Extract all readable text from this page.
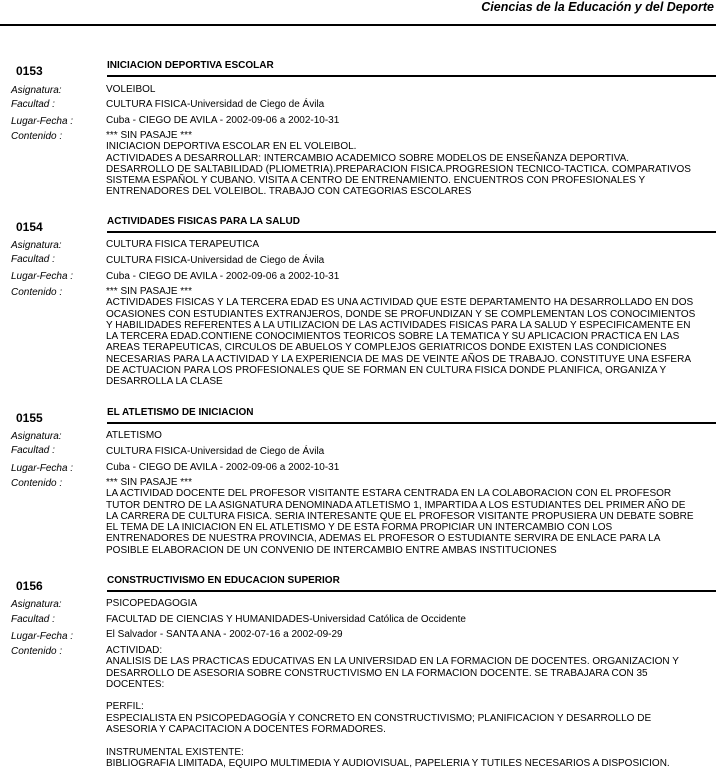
Ciencias de la Educación y del Deporte
0153	INICIACION DEPORTIVA ESCOLAR
Asignatura:	VOLEIBOL
Facultad :	CULTURA FISICA-Universidad de Ciego de Ávila
Lugar-Fecha :	Cuba - CIEGO DE AVILA - 2002-09-06 a 2002-10-31
Contenido :	*** SIN PASAJE ***
INICIACION DEPORTIVA ESCOLAR EN EL VOLEIBOL.
ACTIVIDADES A DESARROLLAR: INTERCAMBIO ACADEMICO SOBRE MODELOS DE ENSEÑANZA DEPORTIVA.
DESARROLLO DE SALTABILIDAD (PLIOMETRIA).PREPARACION FISICA.PROGRESION TECNICO-TACTICA. COMPARATIVOS
SISTEMA ESPAÑOL Y CUBANO. VISITA A CENTRO DE ENTRENAMIENTO. ENCUENTROS CON PROFESIONALES Y
ENTRENADORES DEL VOLEIBOL. TRABAJO CON CATEGORIAS ESCOLARES
0154	ACTIVIDADES FISICAS PARA LA SALUD
Asignatura:	CULTURA FISICA TERAPEUTICA
Facultad :	CULTURA FISICA-Universidad de Ciego de Ávila
Lugar-Fecha :	Cuba - CIEGO DE AVILA - 2002-09-06 a 2002-10-31
Contenido :	*** SIN PASAJE ***
ACTIVIDADES FISICAS Y LA TERCERA EDAD ES UNA ACTIVIDAD QUE ESTE DEPARTAMENTO HA DESARROLLADO EN DOS
OCASIONES CON ESTUDIANTES EXTRANJEROS, DONDE SE PROFUNDIZAN Y SE COMPLEMENTAN LOS CONOCIMIENTOS
Y HABILIDADES REFERENTES A LA UTILIZACION DE LAS ACTIVIDADES FISICAS PARA LA SALUD Y ESPECIFICAMENTE EN
LA TERCERA EDAD.CONTIENE CONOCIMIENTOS TEORICOS SOBRE LA TEMATICA Y SU APLICACION PRACTICA EN LAS
AREAS TERAPEUTICAS, CIRCULOS DE ABUELOS Y COMPLEJOS GERIATRICOS DONDE EXISTEN LAS CONDICIONES
NECESARIAS PARA LA ACTIVIDAD Y LA EXPERIENCIA DE MAS DE VEINTE AÑOS DE TRABAJO. CONSTITUYE UNA ESFERA
DE ACTUACION PARA LOS PROFESIONALES QUE SE FORMAN EN CULTURA FISICA DONDE PLANIFICA, ORGANIZA Y
DESARROLLA LA CLASE
0155	EL ATLETISMO DE INICIACION
Asignatura:	ATLETISMO
Facultad :	CULTURA FISICA-Universidad de Ciego de Ávila
Lugar-Fecha :	Cuba - CIEGO DE AVILA - 2002-09-06 a 2002-10-31
Contenido :	*** SIN PASAJE ***
LA ACTIVIDAD DOCENTE DEL PROFESOR VISITANTE ESTARA CENTRADA EN LA COLABORACION CON EL PROFESOR
TUTOR DENTRO DE LA ASIGNATURA DENOMINADA ATLETISMO 1, IMPARTIDA A LOS ESTUDIANTES DEL PRIMER AÑO DE
LA CARRERA DE CULTURA FISICA. SERIA INTERESANTE QUE EL PROFESOR VISITANTE PROPUSIERA UN DEBATE SOBRE
EL TEMA DE LA INICIACION EN EL ATLETISMO Y DE ESTA FORMA PROPICIAR UN INTERCAMBIO CON LOS
ENTRENADORES DE NUESTRA PROVINCIA, ADEMAS EL PROFESOR O ESTUDIANTE SERVIRA DE ENLACE PARA LA
POSIBLE ELABORACION DE UN CONVENIO DE INTERCAMBIO ENTRE AMBAS INSTITUCIONES
0156	CONSTRUCTIVISMO EN EDUCACION SUPERIOR
Asignatura:	PSICOPEDAGOGIA
Facultad :	FACULTAD DE CIENCIAS Y HUMANIDADES-Universidad Católica de Occidente
Lugar-Fecha :	El Salvador - SANTA ANA - 2002-07-16 a 2002-09-29
Contenido :	ACTIVIDAD:
ANALISIS DE LAS PRACTICAS EDUCATIVAS EN LA UNIVERSIDAD EN LA FORMACION DE DOCENTES. ORGANIZACION Y
DESARROLLO DE ASESORIA SOBRE CONSTRUCTIVISMO EN LA FORMACION DOCENTE. SE TRABAJARA CON 35
DOCENTES:
PERFIL:
ESPECIALISTA EN PSICOPEDAGOGÍA Y CONCRETO EN CONSTRUCTIVISMO; PLANIFICACION Y DESARROLLO DE
ASESORIA Y CAPACITACION A DOCENTES FORMADORES.
INSTRUMENTAL EXISTENTE:
BIBLIOGRAFIA LIMITADA, EQUIPO MULTIMEDIA Y AUDIOVISUAL, PAPELERIA Y TUTILES NECESARIOS A DISPOSICION.
